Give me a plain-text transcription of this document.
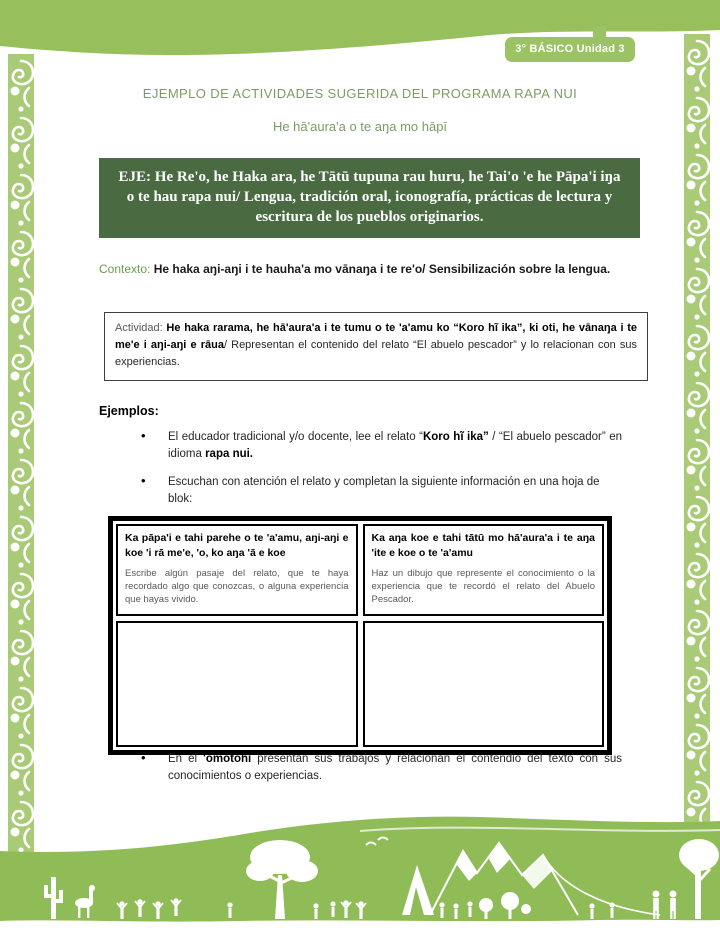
3° BÁSICO Unidad 3
EJEMPLO DE ACTIVIDADES SUGERIDA DEL PROGRAMA RAPA NUI
He hā'aura'a o te aŋa mo hāpī
EJE: He Re'o, he Haka ara, he Tātū tupuna rau huru, he Tai'o 'e he Pāpa'i iŋa o te hau rapa nui/ Lengua, tradición oral, iconografía, prácticas de lectura y escritura de los pueblos originarios.
Contexto: He haka aŋi-aŋi i te hauha'a mo vānaŋa i te re'o/ Sensibilización sobre la lengua.
Actividad: He haka rarama, he hā'aura'a i te tumu o te 'a'amu ko “Koro hĩ ika”, ki oti, he vānaŋa i te me'e i aŋi-aŋi e rāua/ Representan el contenido del relato “El abuelo pescador” y lo relacionan con sus experiencias.
Ejemplos:
• El educador tradicional y/o docente, lee el relato “Koro hĩ ika” / “El abuelo pescador” en idioma rapa nui.
• Escuchan con atención el relato y completan la siguiente información en una hoja de blok:
Ka pāpa'i e tahi parehe o te 'a'amu, aŋi-aŋi e koe 'i rā me'e, 'o, ko aŋa 'ā e koe
Escribe algún pasaje del relato, que te haya recordado algo que conozcas, o alguna experiencia que hayas vivido.
Ka aŋa koe e tahi tātū mo hā'aura'a i te aŋa 'ite e koe o te 'a'amu
Haz un dibujo que represente el conocimiento o la experiencia que te recordó el relato del Abuelo Pescador.
• En el 'omotohi presentan sus trabajos y relacionan el contendio del texto con sus conocimientos o experiencias.
